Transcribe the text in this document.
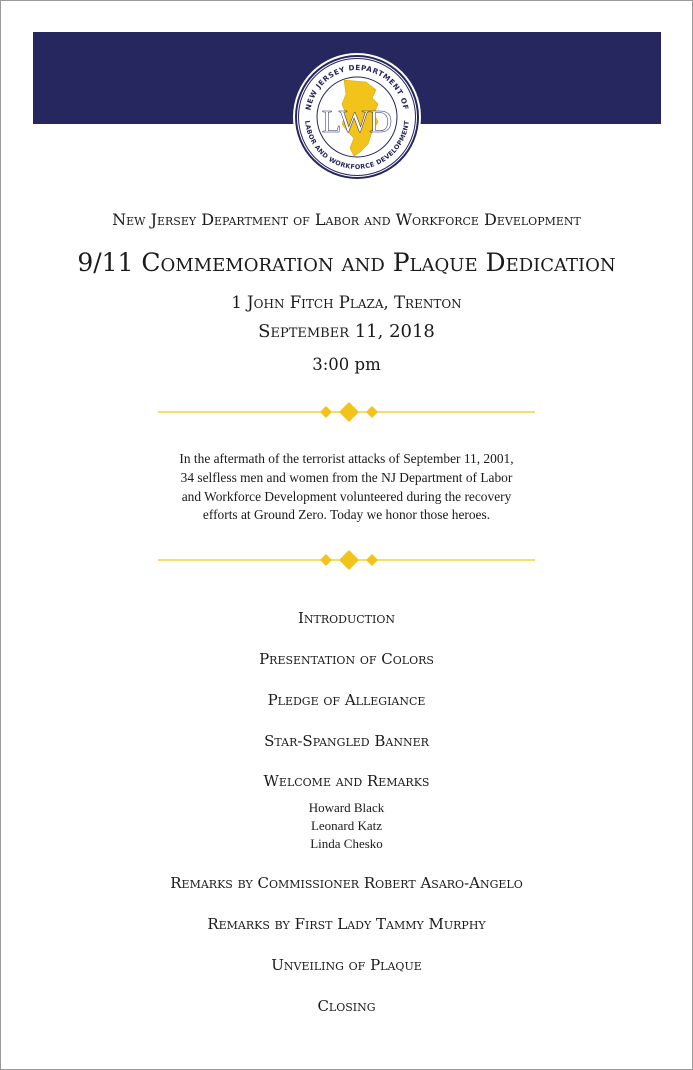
NEW JERSEY DEPARTMENT OF
LABOR AND WORKFORCE DEVELOPMENT
LWD
New Jersey Department of Labor and Workforce Development
9/11 Commemoration and Plaque Dedication
1 John Fitch Plaza, Trenton
September 11, 2018
3:00 pm

In the aftermath of the terrorist attacks of September 11, 2001,

34 selfless men and women from the NJ Department of Labor

and Workforce Development volunteered during the recovery

efforts at Ground Zero. Today we honor those heroes.

Introduction
Presentation of Colors
Pledge of Allegiance
Star-Spangled Banner
Welcome and Remarks
Howard Black
Leonard Katz
Linda Chesko
Remarks by Commissioner Robert Asaro-Angelo
Remarks by First Lady Tammy Murphy
Unveiling of Plaque
Closing
